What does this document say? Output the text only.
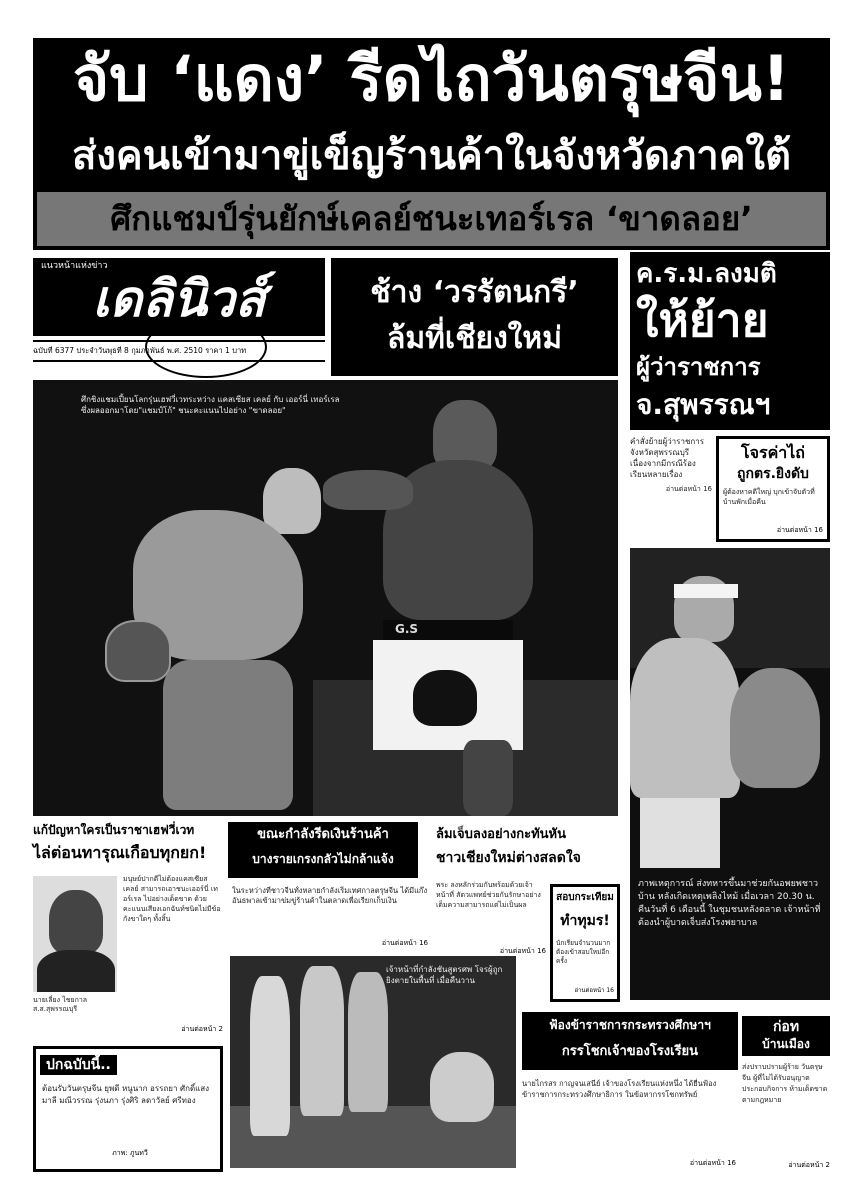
จับ ‘แดง’ รีดไถวันตรุษจีน!
ส่งคนเข้ามาขู่เข็ญร้านค้าในจังหวัดภาคใต้
ศึกแชมป์รุ่นยักษ์เคลย์ชนะเทอร์เรล ‘ขาดลอย’
แนวหน้าแห่งข่าว
เดลินิวส์
ฉบับที่ 6377 ประจำวันพุธที่ 8 กุมภาพันธ์ พ.ศ. 2510 ราคา 1 บาท
ช้าง ‘วรรัตนกรี’
ล้มที่เชียงใหม่
ค.ร.ม.ลงมติ
ให้ย้าย
ผู้ว่าราชการ
จ.สุพรรณฯ
คำสั่งย้ายผู้ว่าราชการจังหวัดสุพรรณบุรี เนื่องจากมีกรณีร้องเรียนหลายเรื่อง
อ่านต่อหน้า 16
โจรค่าไถ่
ถูกตร.ยิงดับ
ผู้ต้องหาคดีใหญ่ บุกเข้าจับตัวที่บ้านพักเมื่อคืน
อ่านต่อหน้า 16
ศึกชิงแชมเปี้ยนโลกรุ่นเฮฟวี่เวทระหว่าง แคสเซียส เคลย์ กับ เออร์นี่ เทอร์เรล ซึ่งผลออกมาโดย"แชมป์โก้" ชนะคะแนนไปอย่าง "ขาดลอย"
G.S
ภาพเหตุการณ์ ส่งทหารขึ้นมาช่วยกันอพยพชาวบ้าน หลังเกิดเหตุเพลิงไหม้ เมื่อเวลา 20.30 น. คืนวันที่ 6 เดือนนี้ ในชุมชนหลังตลาด เจ้าหน้าที่ต้องนำผู้บาดเจ็บส่งโรงพยาบาล
แก้ปัญหาใครเป็นราชาเฮฟวี่เวท
ไล่ต่อนทารุณเกือบทุกยก!
นายเลี่ยง ไชยกาล ส.ส.สุพรรณบุรี
มนุษย์ปากดีไม่ต้องแคสเซียส เคลย์ สามารถเอาชนะเออร์นี่ เทอร์เรล ไปอย่างเด็ดขาด ด้วยคะแนนเสียงเอกฉันท์ชนิดไม่มีข้อกังขาใดๆ ทั้งสิ้น
อ่านต่อหน้า 2
ปกฉบับนี้..
ต้อนรับวันตรุษจีน ยุพดี หนูนาก อรรถยา ศักดิ์แสง มาลี มณีวรรณ รุ่งนภา รุ่งศิริ ลดาวัลย์ ศรีทอง
ภาพ: ภูนทวี
ขณะกำลังรีดเงินร้านค้า
บางรายเกรงกลัวไม่กล้าแจ้ง
ในระหว่างที่ชาวจีนทั้งหลายกำลังเริ่มเทศกาลตรุษจีน ได้มีแก๊งอันธพาลเข้ามาข่มขู่ร้านค้าในตลาดเพื่อเรียกเก็บเงิน
อ่านต่อหน้า 16
ล้มเจ็บลงอย่างกะทันหัน
ชาวเชียงใหม่ต่างสลดใจ
พระ ลงหลักร่วมกันพร้อมด้วยเจ้าหน้าที่ สัตวแพทย์ช่วยกันรักษาอย่างเต็มความสามารถแต่ไม่เป็นผล
อ่านต่อหน้า 16
สอบกระเทียม
ทำทุมร!
นักเรียนจำนวนมาก ต้องเข้าสอบใหม่อีกครั้ง
อ่านต่อหน้า 16
เจ้าหน้าที่กำลังชันสูตรศพ โจรผู้ถูกยิงตายในพื้นที่ เมื่อคืนวาน
ฟ้องข้าราชการกระทรวงศึกษาฯ
กรรโชกเจ้าของโรงเรียน
นายไกรสร กาญจนเสนีย์ เจ้าของโรงเรียนแห่งหนึ่ง ได้ยื่นฟ้องข้าราชการกระทรวงศึกษาธิการ ในข้อหากรรโชกทรัพย์
อ่านต่อหน้า 16
ก่อท
บ้านเมือง
ส่งปราบปรามผู้ร้าย วันตรุษจีน ผู้ที่ไม่ได้รับอนุญาต ประกอบกิจการ ห้ามเด็ดขาด ตามกฎหมาย
อ่านต่อหน้า 2
